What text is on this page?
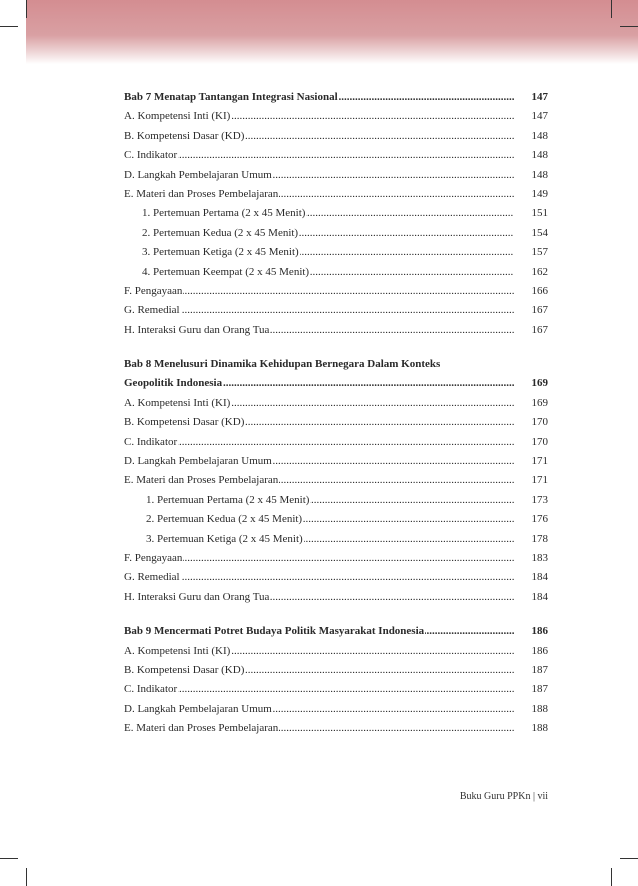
Bab 7 Menatap Tantangan Integrasi Nasional .....	147
A. Kompetensi Inti (KI) .....	147
B. Kompetensi Dasar (KD) .....	148
C. Indikator .....	148
D. Langkah Pembelajaran Umum .....	148
E. Materi dan Proses Pembelajaran .....	149
1. Pertemuan Pertama (2 x 45 Menit) .....	151
2. Pertemuan Kedua (2 x 45 Menit) .....	154
3. Pertemuan Ketiga (2 x 45 Menit) .....	157
4. Pertemuan Keempat (2 x 45 Menit) .....	162
F. Pengayaan .....	166
G. Remedial .....	167
H. Interaksi Guru dan Orang Tua .....	167
Bab 8 Menelusuri Dinamika Kehidupan Bernegara Dalam Konteks
Geopolitik Indonesia .....	169
A. Kompetensi Inti (KI) .....	169
B. Kompetensi Dasar (KD) .....	170
C. Indikator .....	170
D. Langkah Pembelajaran Umum .....	171
E. Materi dan Proses Pembelajaran .....	171
1. Pertemuan Pertama (2 x 45 Menit) .....	173
2. Pertemuan Kedua (2 x 45 Menit) .....	176
3. Pertemuan Ketiga (2 x 45 Menit) .....	178
F. Pengayaan .....	183
G. Remedial .....	184
H. Interaksi Guru dan Orang Tua .....	184
Bab 9 Mencermati Potret Budaya Politik Masyarakat Indonesia .....	186
A. Kompetensi Inti (KI) .....	186
B. Kompetensi Dasar (KD) .....	187
C. Indikator .....	187
D. Langkah Pembelajaran Umum .....	188
E. Materi dan Proses Pembelajaran .....	188
Buku Guru PPKn | vii
